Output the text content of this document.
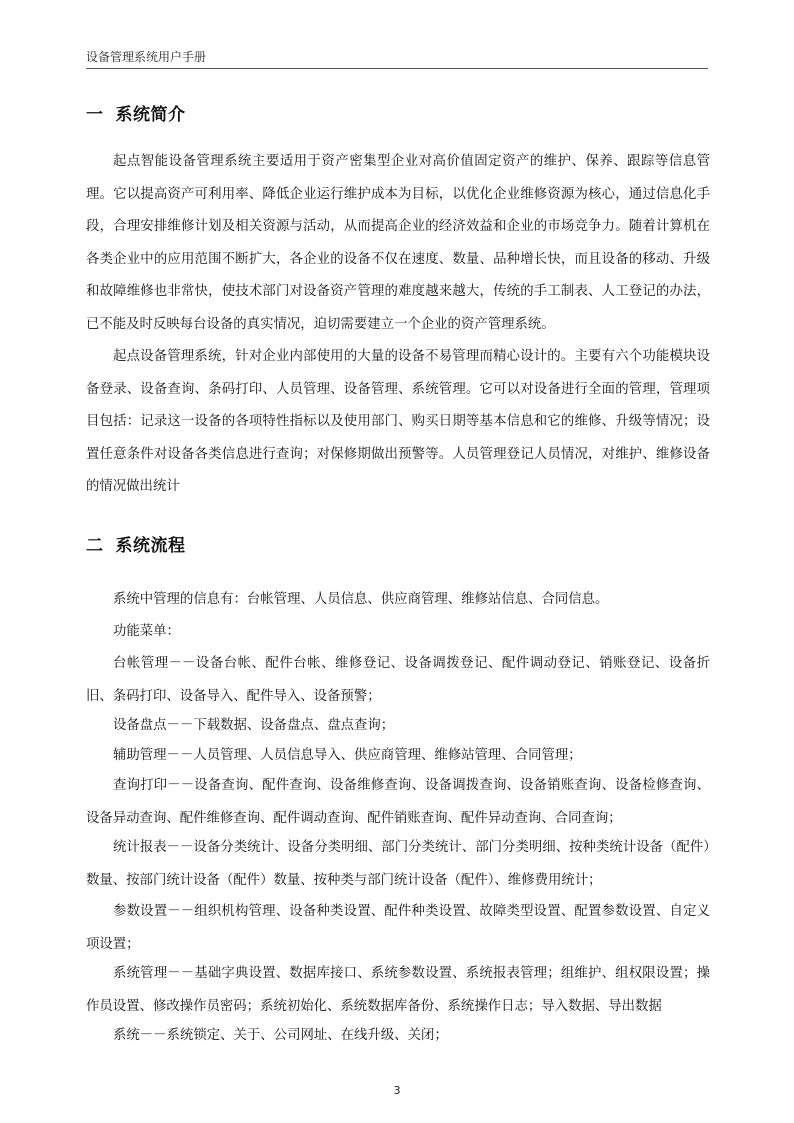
设备管理系统用户手册
一 系统简介

起点智能设备管理系统主要适用于资产密集型企业对高价值固定资产的维护、保养、跟踪等信息管理。它以提高资产可利用率、降低企业运行维护成本为目标，以优化企业维修资源为核心，通过信息化手段，合理安排维修计划及相关资源与活动，从而提高企业的经济效益和企业的市场竞争力。随着计算机在各类企业中的应用范围不断扩大，各企业的设备不仅在速度、数量、品种增长快，而且设备的移动、升级和故障维修也非常快，使技术部门对设备资产管理的难度越来越大，传统的手工制表、人工登记的办法，已不能及时反映每台设备的真实情况，迫切需要建立一个企业的资产管理系统。

起点设备管理系统，针对企业内部使用的大量的设备不易管理而精心设计的。主要有六个功能模块设备登录、设备查询、条码打印、人员管理、设备管理、系统管理。它可以对设备进行全面的管理，管理项目包括：记录这一设备的各项特性指标以及使用部门、购买日期等基本信息和它的维修、升级等情况；设置任意条件对设备各类信息进行查询；对保修期做出预警等。人员管理登记人员情况，对维护、维修设备的情况做出统计

二 系统流程

系统中管理的信息有：台帐管理、人员信息、供应商管理、维修站信息、合同信息。

功能菜单：

台帐管理－－设备台帐、配件台帐、维修登记、设备调拨登记、配件调动登记、销账登记、设备折旧、条码打印、设备导入、配件导入、设备预警；

设备盘点－－下载数据、设备盘点、盘点查询；

辅助管理－－人员管理、人员信息导入、供应商管理、维修站管理、合同管理；

查询打印－－设备查询、配件查询、设备维修查询、设备调拨查询、设备销账查询、设备检修查询、设备异动查询、配件维修查询、配件调动查询、配件销账查询、配件异动查询、合同查询；

统计报表－－设备分类统计、设备分类明细、部门分类统计、部门分类明细、按种类统计设备（配件）数量、按部门统计设备（配件）数量、按种类与部门统计设备（配件）、维修费用统计；

参数设置－－组织机构管理、设备种类设置、配件种类设置、故障类型设置、配置参数设置、自定义项设置；

系统管理－－基础字典设置、数据库接口、系统参数设置、系统报表管理；组维护、组权限设置；操作员设置、修改操作员密码；系统初始化、系统数据库备份、系统操作日志；导入数据、导出数据

系统－－系统锁定、关于、公司网址、在线升级、关闭；

3
